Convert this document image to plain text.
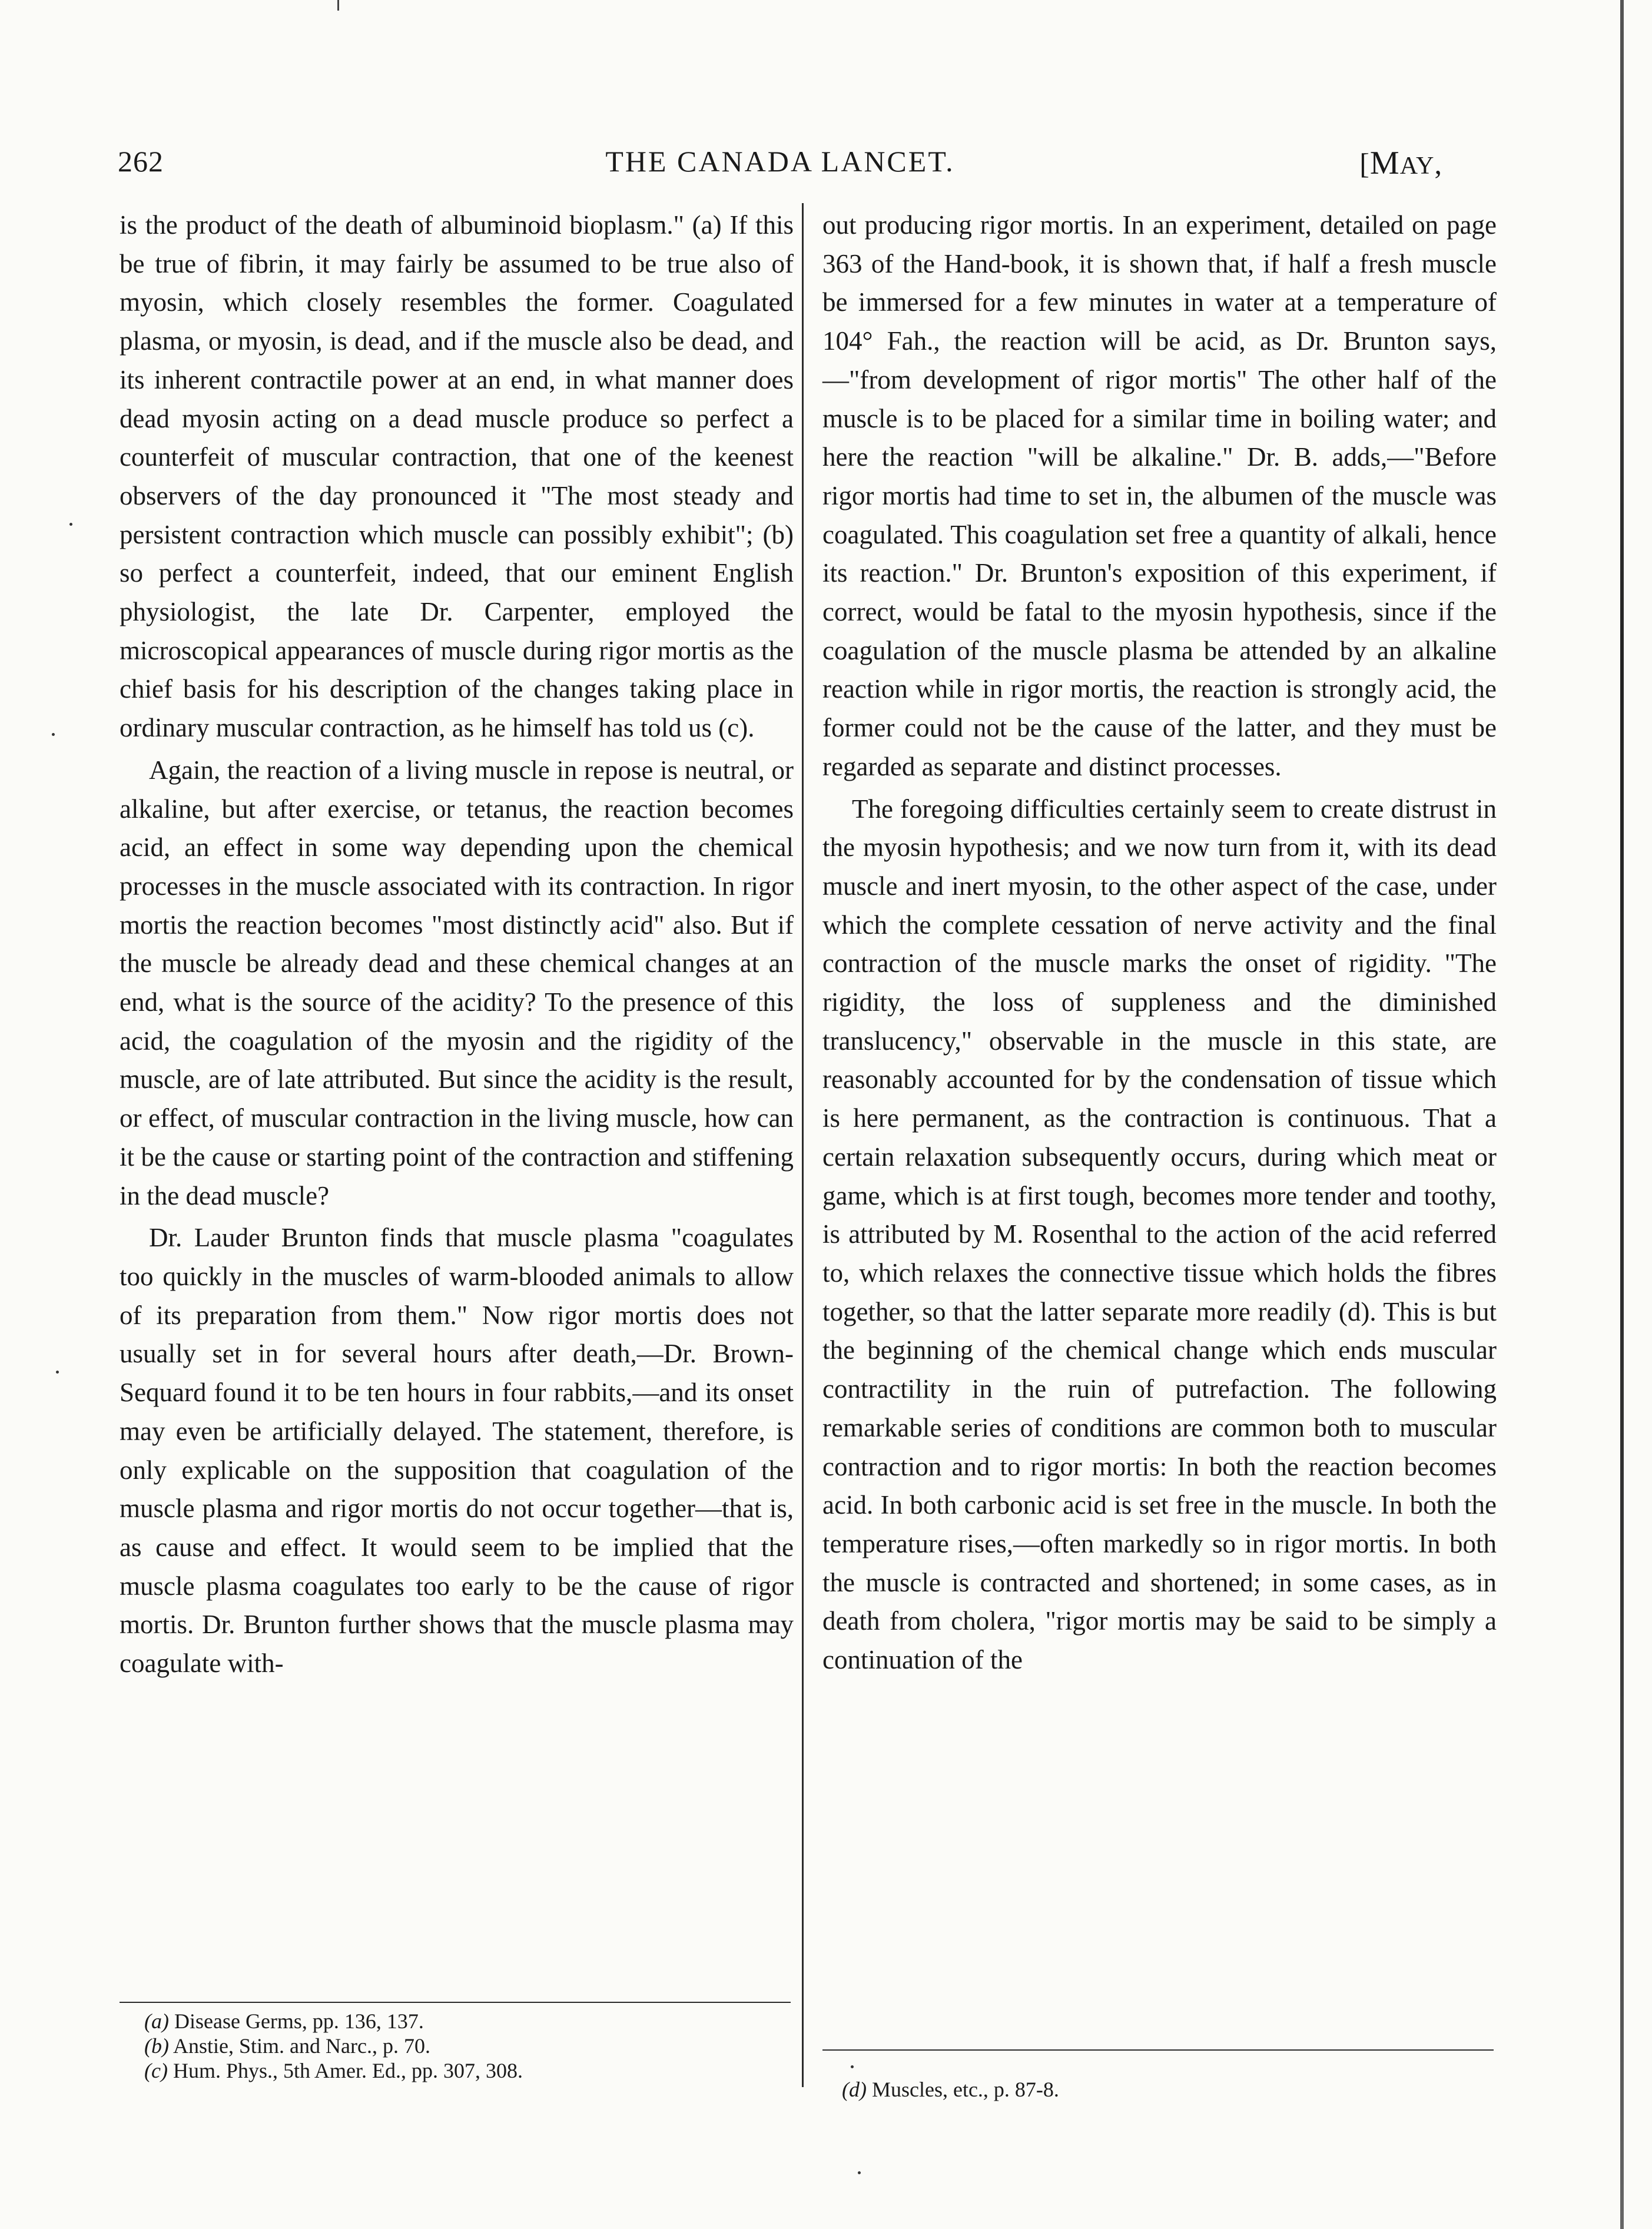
262	THE CANADA LANCET.	[MAY,

is the product of the death of albuminoid bioplasm." (a) If this be true of fibrin, it may fairly be assumed to be true also of myosin, which closely resembles the former. Coagulated plasma, or myosin, is dead, and if the muscle also be dead, and its inherent contractile power at an end, in what manner does dead myosin acting on a dead muscle produce so perfect a counterfeit of muscular contraction, that one of the keenest observers of the day pronounced it "The most steady and persistent contraction which muscle can possibly exhibit"; (b) so perfect a counterfeit, indeed, that our eminent English physiologist, the late Dr. Carpenter, employed the microscopical appearances of muscle during rigor mortis as the chief basis for his description of the changes taking place in ordinary muscular contraction, as he himself has told us (c).

Again, the reaction of a living muscle in repose is neutral, or alkaline, but after exercise, or tetanus, the reaction becomes acid, an effect in some way depending upon the chemical processes in the muscle associated with its contraction. In rigor mortis the reaction becomes "most distinctly acid" also. But if the muscle be already dead and these chemical changes at an end, what is the source of the acidity? To the presence of this acid, the coagulation of the myosin and the rigidity of the muscle, are of late attributed. But since the acidity is the result, or effect, of muscular contraction in the living muscle, how can it be the cause or starting point of the contraction and stiffening in the dead muscle?

Dr. Lauder Brunton finds that muscle plasma "coagulates too quickly in the muscles of warm-blooded animals to allow of its preparation from them." Now rigor mortis does not usually set in for several hours after death,—Dr. Brown-Sequard found it to be ten hours in four rabbits,—and its onset may even be artificially delayed. The statement, therefore, is only explicable on the supposition that coagulation of the muscle plasma and rigor mortis do not occur together—that is, as cause and effect. It would seem to be implied that the muscle plasma coagulates too early to be the cause of rigor mortis. Dr. Brunton further shows that the muscle plasma may coagulate with-

out producing rigor mortis. In an experiment, detailed on page 363 of the Hand-book, it is shown that, if half a fresh muscle be immersed for a few minutes in water at a temperature of 104° Fah., the reaction will be acid, as Dr. Brunton says,—"from development of rigor mortis" The other half of the muscle is to be placed for a similar time in boiling water; and here the reaction "will be alkaline." Dr. B. adds,—"Before rigor mortis had time to set in, the albumen of the muscle was coagulated. This coagulation set free a quantity of alkali, hence its reaction." Dr. Brunton's exposition of this experiment, if correct, would be fatal to the myosin hypothesis, since if the coagulation of the muscle plasma be attended by an alkaline reaction while in rigor mortis, the reaction is strongly acid, the former could not be the cause of the latter, and they must be regarded as separate and distinct processes.

The foregoing difficulties certainly seem to create distrust in the myosin hypothesis; and we now turn from it, with its dead muscle and inert myosin, to the other aspect of the case, under which the complete cessation of nerve activity and the final contraction of the muscle marks the onset of rigidity. "The rigidity, the loss of suppleness and the diminished translucency," observable in the muscle in this state, are reasonably accounted for by the condensation of tissue which is here permanent, as the contraction is continuous. That a certain relaxation subsequently occurs, during which meat or game, which is at first tough, becomes more tender and toothy, is attributed by M. Rosenthal to the action of the acid referred to, which relaxes the connective tissue which holds the fibres together, so that the latter separate more readily (d). This is but the beginning of the chemical change which ends muscular contractility in the ruin of putrefaction. The following remarkable series of conditions are common both to muscular contraction and to rigor mortis: In both the reaction becomes acid. In both carbonic acid is set free in the muscle. In both the temperature rises,—often markedly so in rigor mortis. In both the muscle is contracted and shortened; in some cases, as in death from cholera, "rigor mortis may be said to be simply a continuation of the

(a) Disease Germs, pp. 136, 137.
(b) Anstie, Stim. and Narc., p. 70.
(c) Hum. Phys., 5th Amer. Ed., pp. 307, 308.
(d) Muscles, etc., p. 87-8.
